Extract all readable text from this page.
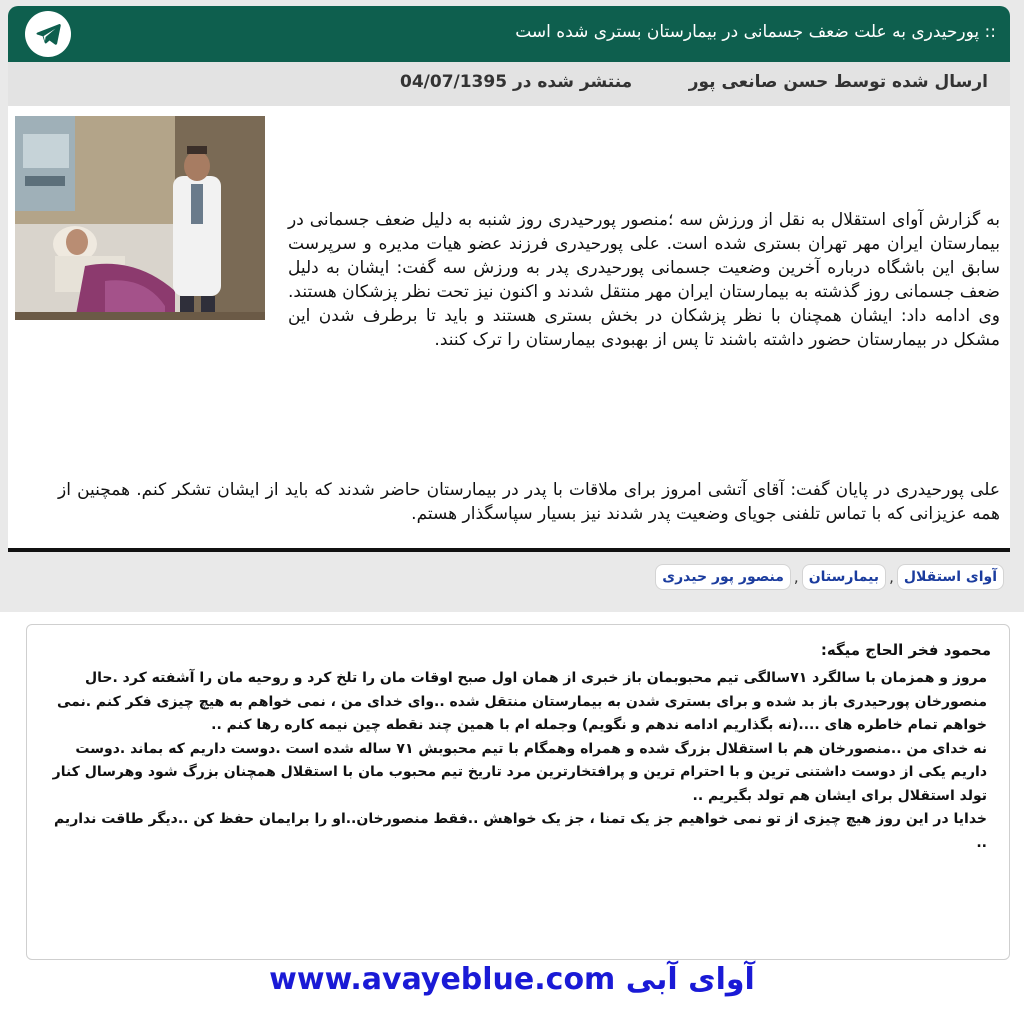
:: پورحیدری به علت ضعف جسمانی در بیمارستان بستری شده است
ارسال شده توسط حسن صانعی پور
منتشر شده در 04/07/1395
به گزارش آوای استقلال به نقل از ورزش سه ؛منصور پورحیدری روز شنبه به دلیل ضعف جسمانی در بیمارستان ایران مهر تهران بستری شده است. علی پورحیدری فرزند عضو هیات مدیره و سرپرست سابق این باشگاه درباره آخرین وضعیت جسمانی پورحیدری پدر به ورزش سه گفت: ایشان به دلیل ضعف جسمانی روز گذشته به بیمارستان ایران مهر منتقل شدند و اکنون نیز تحت نظر پزشکان هستند. وی ادامه داد: ایشان همچنان با نظر پزشکان در بخش بستری هستند و باید تا برطرف شدن این مشکل در بیمارستان حضور داشته باشند تا پس از بهبودی بیمارستان را ترک کنند.
علی پورحیدری در پایان گفت: آقای آتشی امروز برای ملاقات با پدر در بیمارستان حاضر شدند که باید از ایشان تشکر کنم. همچنین از همه عزیزانی که با تماس تلفنی جویای وضعیت پدر شدند نیز بسیار سپاسگذار هستم.
آوای استقلال
,
بیمارستان
,
منصور پور حیدری
محمود فخر الحاج میگه:
مروز و همزمان با سالگرد ۷۱سالگی تیم محبوبمان باز خبری از همان اول صبح اوقات مان را تلخ کرد و روحیه مان را آشفته کرد .حال منصورخان پورحیدری باز بد شده و برای بستری شدن به بیمارستان منتقل شده ..وای خدای من ، نمی خواهم به هیچ چیزی فکر کنم .نمی خواهم تمام خاطره های ....(نه بگذاریم ادامه ندهم و نگویم) وجمله ام با همین چند نقطه چین نیمه کاره رها کنم ..
نه خدای من ..منصورخان هم با استقلال بزرگ شده و همراه وهمگام با تیم محبوبش ۷۱ ساله شده است .دوست داریم که بماند .دوست داریم یکی از دوست داشتنی ترین و با احترام ترین و پرافتخارترین مرد تاریخ تیم محبوب مان با استقلال همچنان بزرگ شود وهرسال کنار تولد استقلال برای ایشان هم تولد بگیریم ..
خدایا در این روز هیچ چیزی از تو نمی خواهیم جز یک تمنا ، جز یک خواهش ..فقط منصورخان..او را برایمان حفظ کن ..دیگر طاقت نداریم ..
www.avayeblue.com آوای آبی
